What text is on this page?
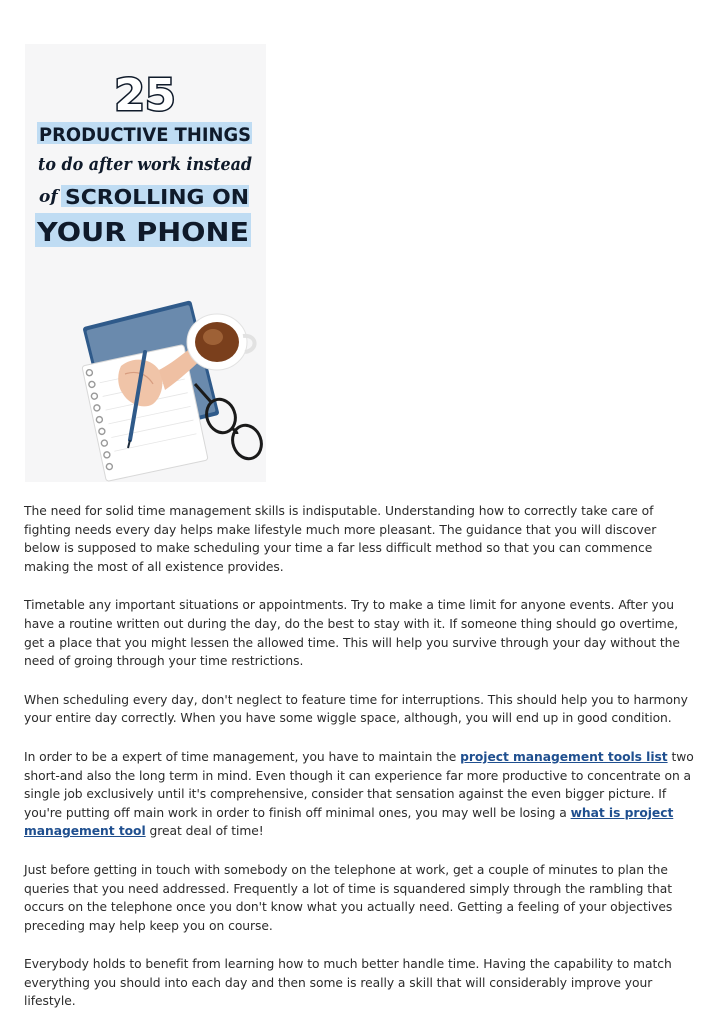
25
PRODUCTIVE THINGS
to do after work instead
of SCROLLING ON
YOUR PHONE

The need for solid time management skills is indisputable. Understanding how to correctly take care of fighting needs every day helps make lifestyle much more pleasant. The guidance that you will discover below is supposed to make scheduling your time a far less difficult method so that you can commence making the most of all existence provides.

Timetable any important situations or appointments. Try to make a time limit for anyone events. After you have a routine written out during the day, do the best to stay with it. If someone thing should go overtime, get a place that you might lessen the allowed time. This will help you survive through your day without the need of groing through your time restrictions.

When scheduling every day, don't neglect to feature time for interruptions. This should help you to harmony your entire day correctly. When you have some wiggle space, although, you will end up in good condition.

In order to be a expert of time management, you have to maintain the project management tools list two short-and also the long term in mind. Even though it can experience far more productive to concentrate on a single job exclusively until it's comprehensive, consider that sensation against the even bigger picture. If you're putting off main work in order to finish off minimal ones, you may well be losing a what is project management tool great deal of time!

Just before getting in touch with somebody on the telephone at work, get a couple of minutes to plan the queries that you need addressed. Frequently a lot of time is squandered simply through the rambling that occurs on the telephone once you don't know what you actually need. Getting a feeling of your objectives preceding may help keep you on course.

Everybody holds to benefit from learning how to much better handle time. Having the capability to match everything you should into each day and then some is really a skill that will considerably improve your lifestyle.
